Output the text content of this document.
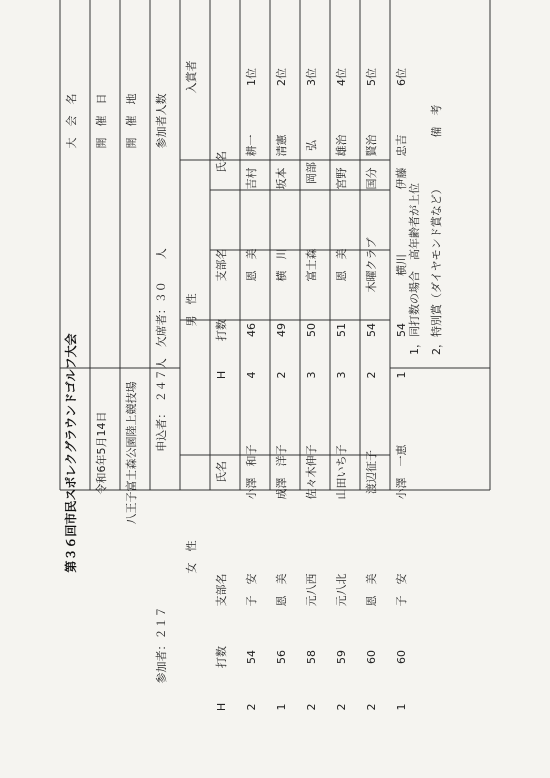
大　会　名 開　催　日 開　催　地 参加者人数
入賞者
備　考
第３６回市民スポレクグラウンドゴルフ大会 令和6年5月14日 八王子富士森公園陸上競技場
申込者：　２４７人　欠席者：３０　　人
参加者：２１７
男　性
女　性
氏名
支部名
打数
H
氏名
支部名
打数
H
1位
吉村　耕一
恩　美
46
4
小澤　和子
子　安
54
2
2位
坂本　清憲
横　川
49
2
成澤　洋子
恩　美
56
1
3位
岡部　弘
富士森
50
3
佐々木伸子
元八西
58
2
4位
宮野　雄治
恩　美
51
3
山田いち子
元八北
59
2
5位
国分　賢治
木曜クラブ
54
2
渡辺征子
恩　美
60
2
6位
伊藤　忠吉
横川
54
1
小澤　一恵
子　安
60
1
1，同打数の場合　高年齢者が上位 2，特別賞（ダイヤモンド賞など）
